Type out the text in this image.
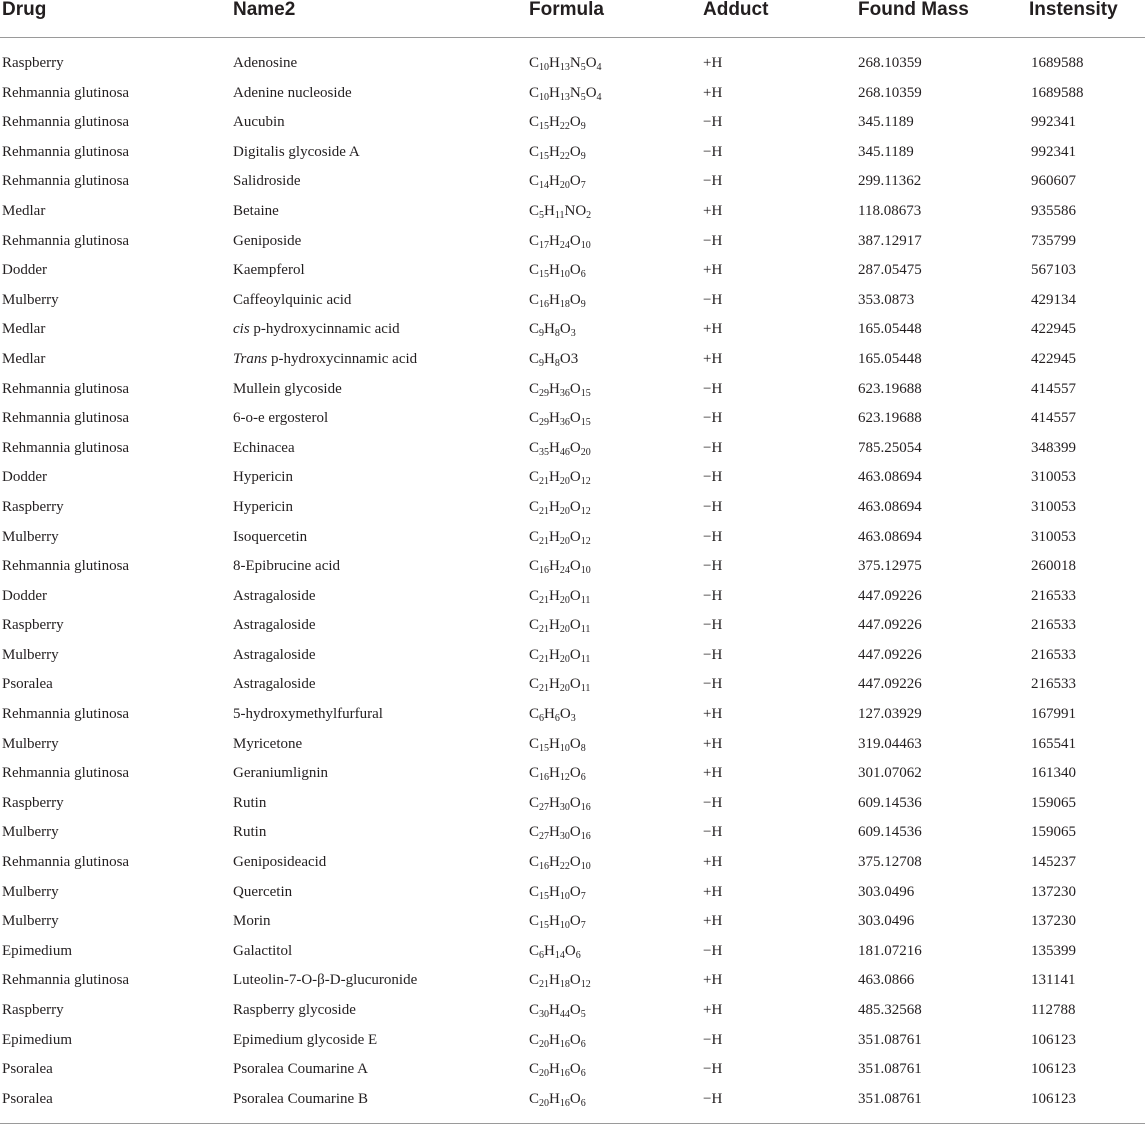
Drug	Name2	Formula	Adduct	Found Mass	Instensity
Raspberry	Adenosine	$C_{10}H_{13}N_5O_4$	+H	268.10359	1689588
Rehmannia glutinosa	Adenine nucleoside	$C_{10}H_{13}N_5O_4$	+H	268.10359	1689588
Rehmannia glutinosa	Aucubin	$C_{15}H_{22}O_9$	−H	345.1189	992341
Rehmannia glutinosa	Digitalis glycoside A	$C_{15}H_{22}O_9$	−H	345.1189	992341
Rehmannia glutinosa	Salidroside	$C_{14}H_{20}O_7$	−H	299.11362	960607
Medlar	Betaine	$C_5H_{11}NO_2$	+H	118.08673	935586
Rehmannia glutinosa	Geniposide	$C_{17}H_{24}O_{10}$	−H	387.12917	735799
Dodder	Kaempferol	$C_{15}H_{10}O_6$	+H	287.05475	567103
Mulberry	Caffeoylquinic acid	$C_{16}H_{18}O_9$	−H	353.0873	429134
Medlar	cis p-hydroxycinnamic acid	$C_9H_8O_3$	+H	165.05448	422945
Medlar	Trans p-hydroxycinnamic acid	$C_9H_8O3$	+H	165.05448	422945
Rehmannia glutinosa	Mullein glycoside	$C_{29}H_{36}O_{15}$	−H	623.19688	414557
Rehmannia glutinosa	6-o-e ergosterol	$C_{29}H_{36}O_{15}$	−H	623.19688	414557
Rehmannia glutinosa	Echinacea	$C_{35}H_{46}O_{20}$	−H	785.25054	348399
Dodder	Hypericin	$C_{21}H_{20}O_{12}$	−H	463.08694	310053
Raspberry	Hypericin	$C_{21}H_{20}O_{12}$	−H	463.08694	310053
Mulberry	Isoquercetin	$C_{21}H_{20}O_{12}$	−H	463.08694	310053
Rehmannia glutinosa	8-Epibrucine acid	$C_{16}H_{24}O_{10}$	−H	375.12975	260018
Dodder	Astragaloside	$C_{21}H_{20}O_{11}$	−H	447.09226	216533
Raspberry	Astragaloside	$C_{21}H_{20}O_{11}$	−H	447.09226	216533
Mulberry	Astragaloside	$C_{21}H_{20}O_{11}$	−H	447.09226	216533
Psoralea	Astragaloside	$C_{21}H_{20}O_{11}$	−H	447.09226	216533
Rehmannia glutinosa	5-hydroxymethylfurfural	$C_6H_6O_3$	+H	127.03929	167991
Mulberry	Myricetone	$C_{15}H_{10}O_8$	+H	319.04463	165541
Rehmannia glutinosa	Geraniumlignin	$C_{16}H_{12}O_6$	+H	301.07062	161340
Raspberry	Rutin	$C_{27}H_{30}O_{16}$	−H	609.14536	159065
Mulberry	Rutin	$C_{27}H_{30}O_{16}$	−H	609.14536	159065
Rehmannia glutinosa	Geniposideacid	$C_{16}H_{22}O_{10}$	+H	375.12708	145237
Mulberry	Quercetin	$C_{15}H_{10}O_7$	+H	303.0496	137230
Mulberry	Morin	$C_{15}H_{10}O_7$	+H	303.0496	137230
Epimedium	Galactitol	$C_6H_{14}O_6$	−H	181.07216	135399
Rehmannia glutinosa	Luteolin-7-O-β-D-glucuronide	$C_{21}H_{18}O_{12}$	+H	463.0866	131141
Raspberry	Raspberry glycoside	$C_{30}H_{44}O_5$	+H	485.32568	112788
Epimedium	Epimedium glycoside E	$C_{20}H_{16}O_6$	−H	351.08761	106123
Psoralea	Psoralea Coumarine A	$C_{20}H_{16}O_6$	−H	351.08761	106123
Psoralea	Psoralea Coumarine B	$C_{20}H_{16}O_6$	−H	351.08761	106123
